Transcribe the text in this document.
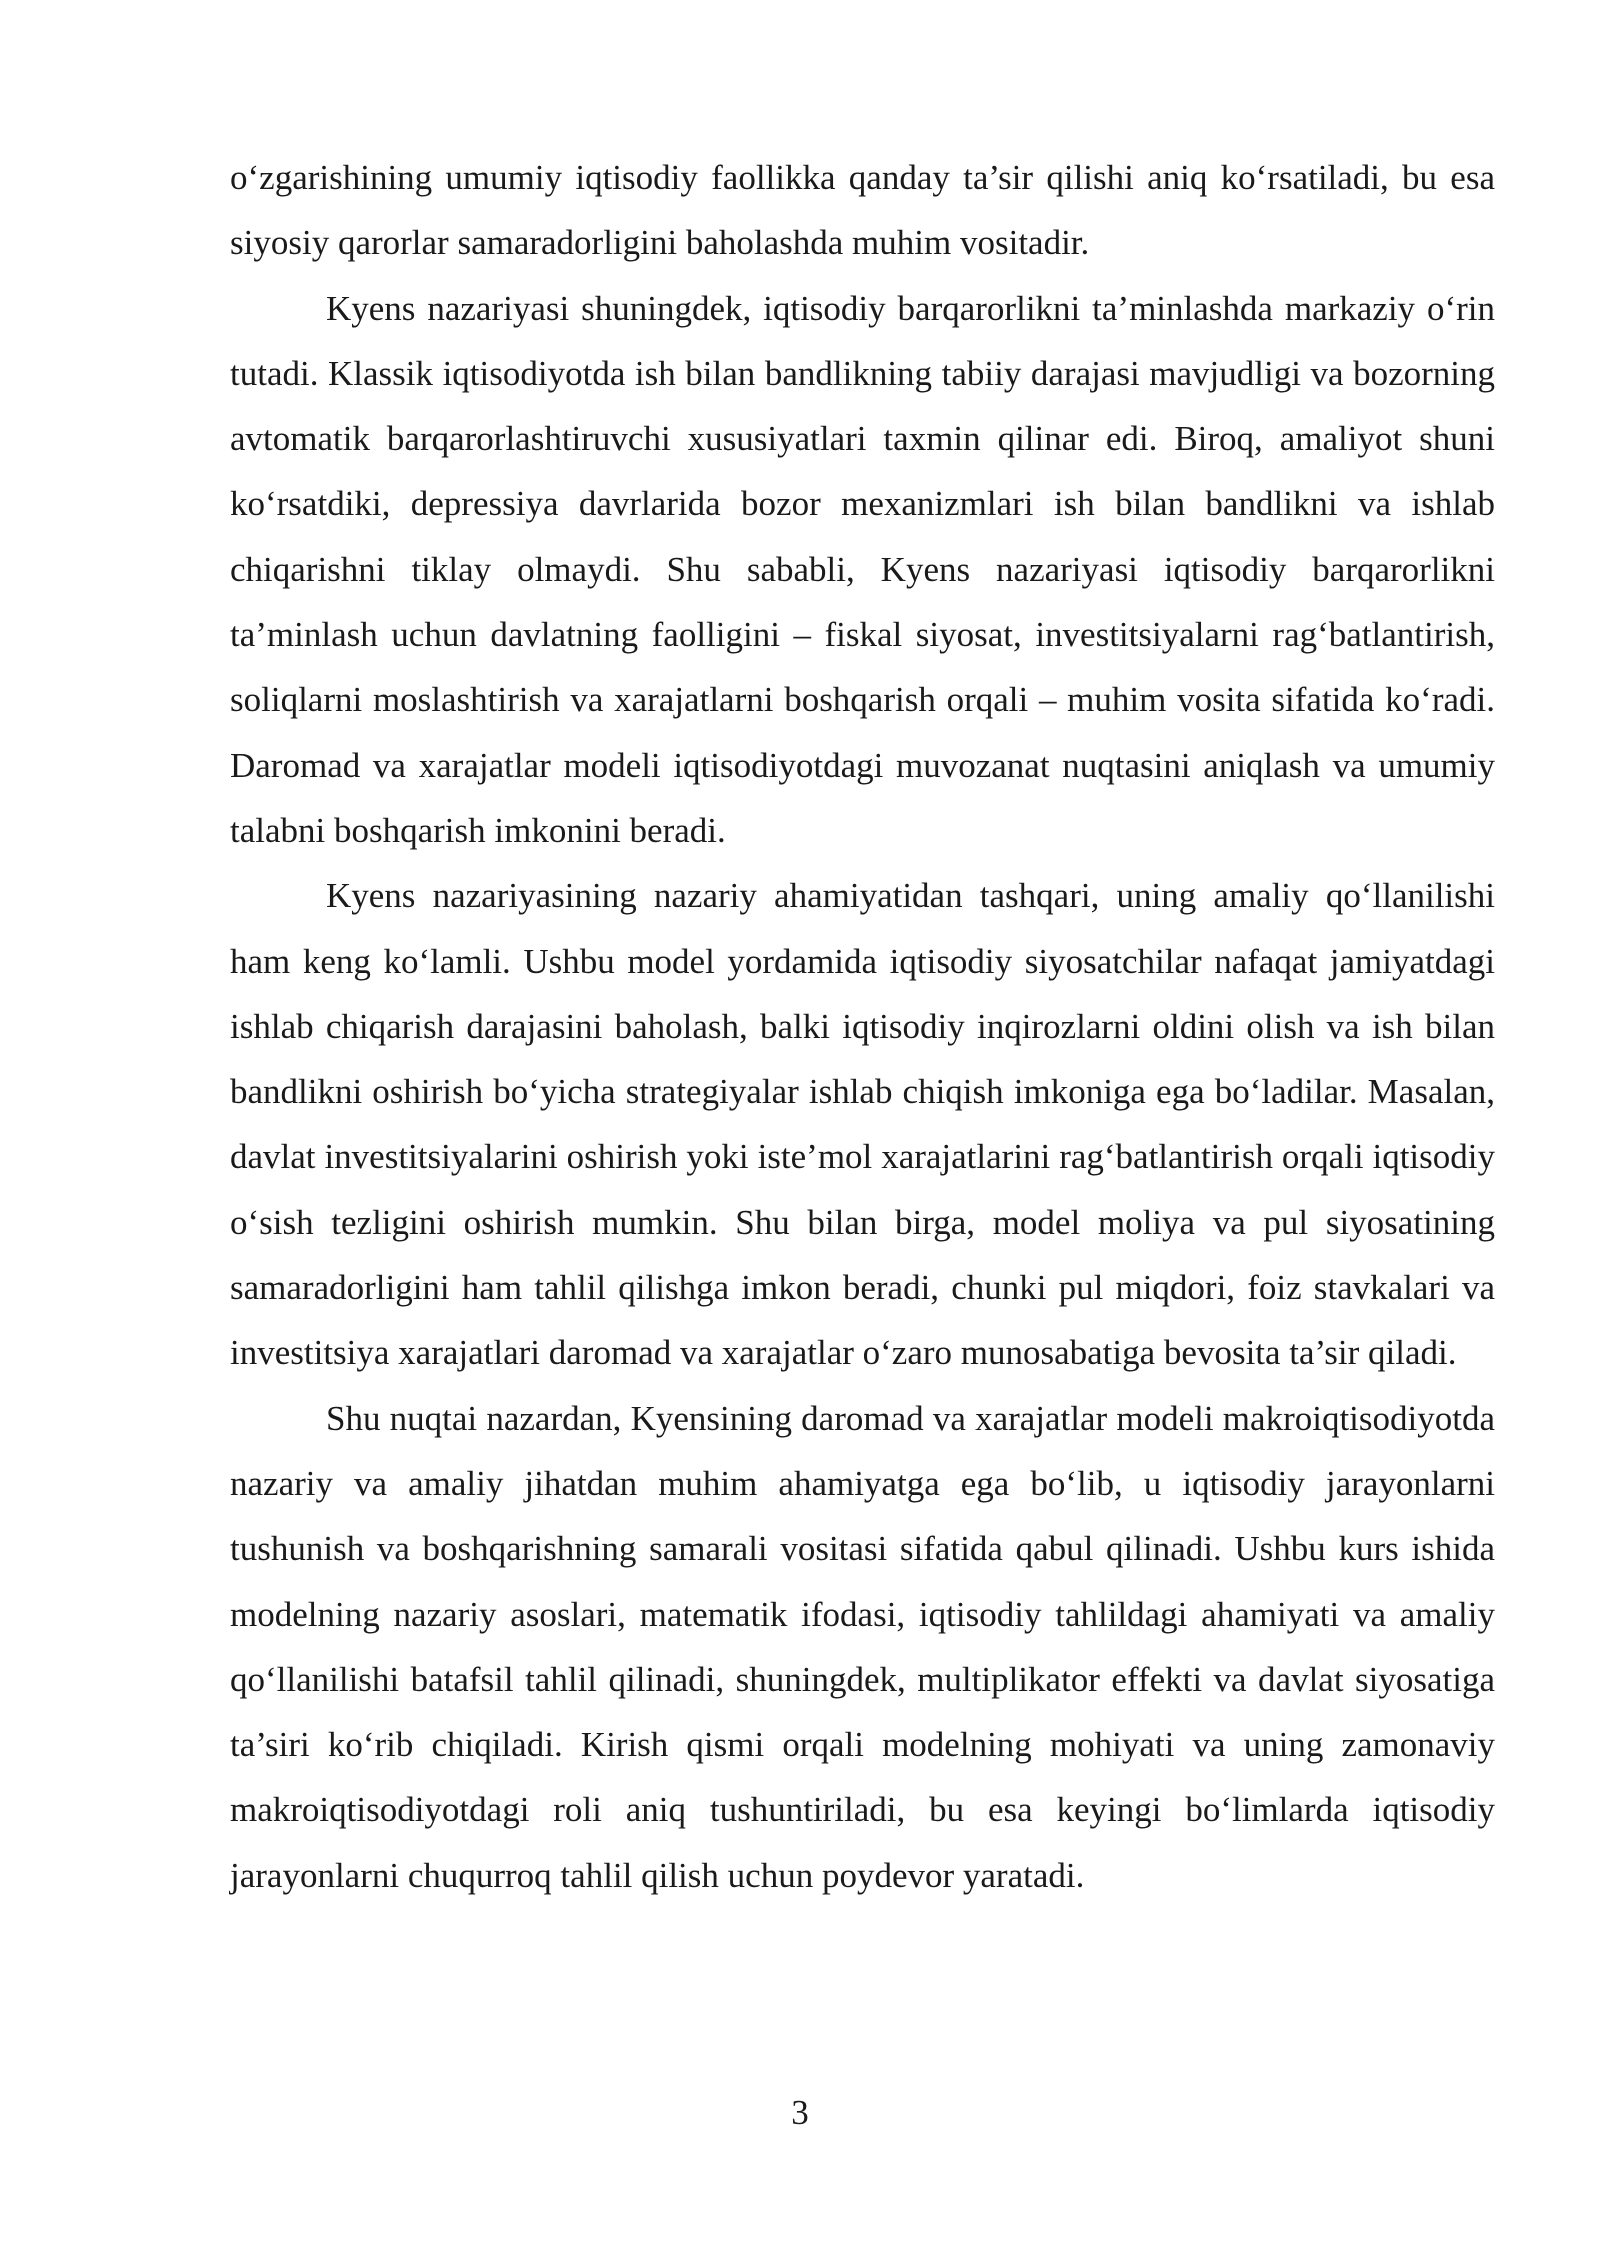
o‘zgarishining umumiy iqtisodiy faollikka qanday ta’sir qilishi aniq ko‘rsatiladi, bu esa siyosiy qarorlar samaradorligini baholashda muhim vositadir.

Kyens nazariyasi shuningdek, iqtisodiy barqarorlikni ta’minlashda markaziy o‘rin tutadi. Klassik iqtisodiyotda ish bilan bandlikning tabiiy darajasi mavjudligi va bozorning avtomatik barqarorlashtiruvchi xususiyatlari taxmin qilinar edi. Biroq, amaliyot shuni ko‘rsatdiki, depressiya davrlarida bozor mexanizmlari ish bilan bandlikni va ishlab chiqarishni tiklay olmaydi. Shu sababli, Kyens nazariyasi iqtisodiy barqarorlikni ta’minlash uchun davlatning faolligini – fiskal siyosat, investitsiyalarni rag‘batlantirish, soliqlarni moslashtirish va xarajatlarni boshqarish orqali – muhim vosita sifatida ko‘radi. Daromad va xarajatlar modeli iqtisodiyotdagi muvozanat nuqtasini aniqlash va umumiy talabni boshqarish imkonini beradi.

Kyens nazariyasining nazariy ahamiyatidan tashqari, uning amaliy qo‘llanilishi ham keng ko‘lamli. Ushbu model yordamida iqtisodiy siyosatchilar nafaqat jamiyatdagi ishlab chiqarish darajasini baholash, balki iqtisodiy inqirozlarni oldini olish va ish bilan bandlikni oshirish bo‘yicha strategiyalar ishlab chiqish imkoniga ega bo‘ladilar. Masalan, davlat investitsiyalarini oshirish yoki iste’mol xarajatlarini rag‘batlantirish orqali iqtisodiy o‘sish tezligini oshirish mumkin. Shu bilan birga, model moliya va pul siyosatining samaradorligini ham tahlil qilishga imkon beradi, chunki pul miqdori, foiz stavkalari va investitsiya xarajatlari daromad va xarajatlar o‘zaro munosabatiga bevosita ta’sir qiladi.

Shu nuqtai nazardan, Kyensining daromad va xarajatlar modeli makroiqtisodiyotda nazariy va amaliy jihatdan muhim ahamiyatga ega bo‘lib, u iqtisodiy jarayonlarni tushunish va boshqarishning samarali vositasi sifatida qabul qilinadi. Ushbu kurs ishida modelning nazariy asoslari, matematik ifodasi, iqtisodiy tahlildagi ahamiyati va amaliy qo‘llanilishi batafsil tahlil qilinadi, shuningdek, multiplikator effekti va davlat siyosatiga ta’siri ko‘rib chiqiladi. Kirish qismi orqali modelning mohiyati va uning zamonaviy makroiqtisodiyotdagi roli aniq tushuntiriladi, bu esa keyingi bo‘limlarda iqtisodiy jarayonlarni chuqurroq tahlil qilish uchun poydevor yaratadi.

3
